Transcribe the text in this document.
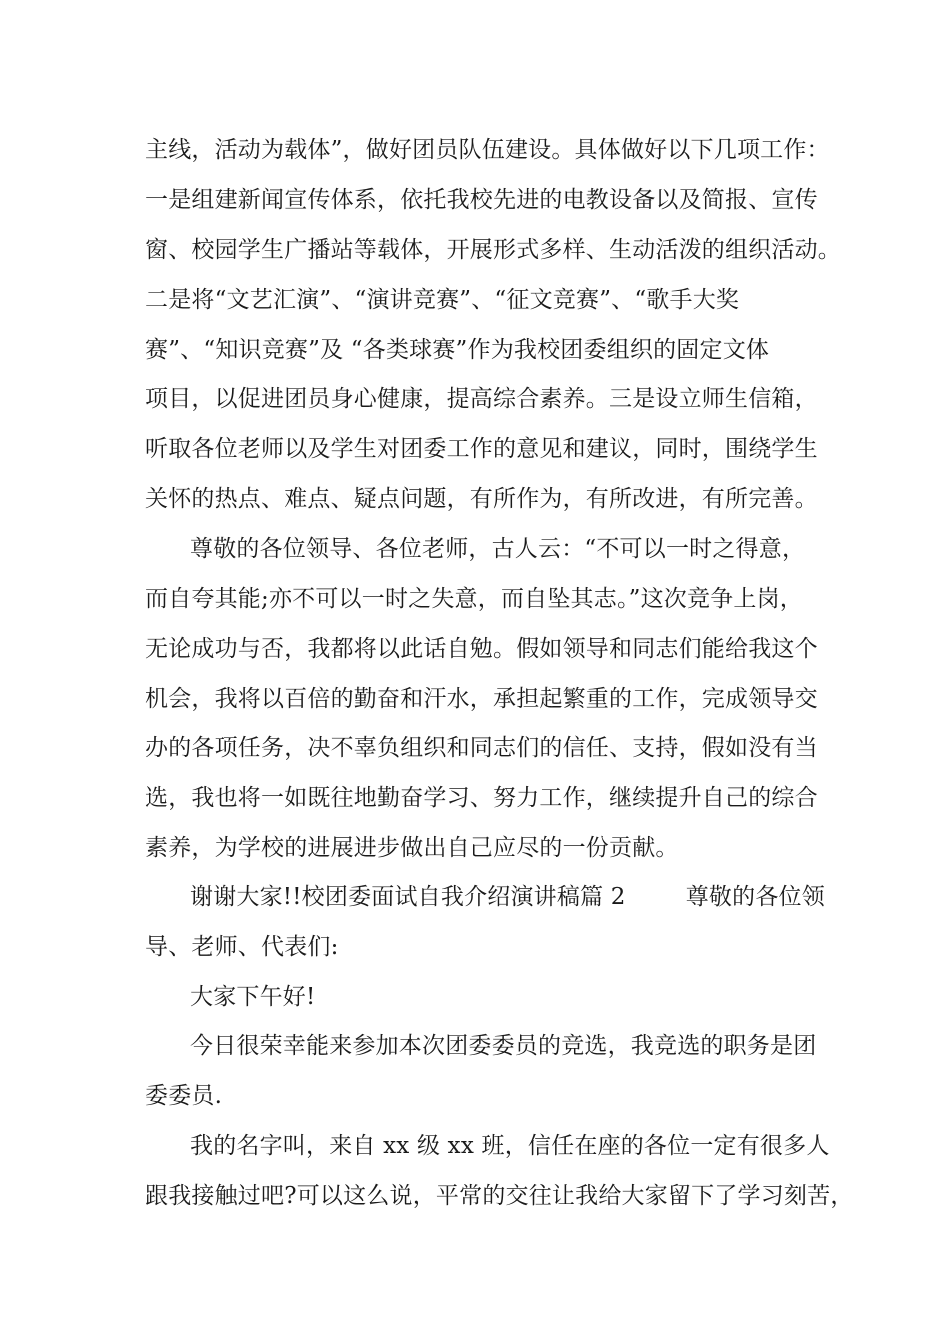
主线，活动为载体”，做好团员队伍建设。具体做好以下几项工作：
一是组建新闻宣传体系，依托我校先进的电教设备以及简报、宣传
窗、校园学生广播站等载体，开展形式多样、生动活泼的组织活动。
二是将“文艺汇演”、“演讲竞赛”、“征文竞赛”、“歌手大奖
赛”、“知识竞赛”及 “各类球赛”作为我校团委组织的固定文体
项目，以促进团员身心健康，提高综合素养。三是设立师生信箱，
听取各位老师以及学生对团委工作的意见和建议，同时，围绕学生
关怀的热点、难点、疑点问题，有所作为，有所改进，有所完善。
尊敬的各位领导、各位老师，古人云：“不可以一时之得意，
而自夸其能;亦不可以一时之失意，而自坠其志。”这次竞争上岗，
无论成功与否，我都将以此话自勉。假如领导和同志们能给我这个
机会，我将以百倍的勤奋和汗水，承担起繁重的工作，完成领导交
办的各项任务，决不辜负组织和同志们的信任、支持，假如没有当
选，我也将一如既往地勤奋学习、努力工作，继续提升自己的综合
素养，为学校的进展进步做出自己应尽的一份贡献。
谢谢大家!!校团委面试自我介绍演讲稿篇 2        尊敬的各位领
导、老师、代表们:
大家下午好!
今日很荣幸能来参加本次团委委员的竞选，我竞选的职务是团
委委员.
我的名字叫，来自 xx 级 xx 班，信任在座的各位一定有很多人
跟我接触过吧?可以这么说，平常的交往让我给大家留下了学习刻苦，
